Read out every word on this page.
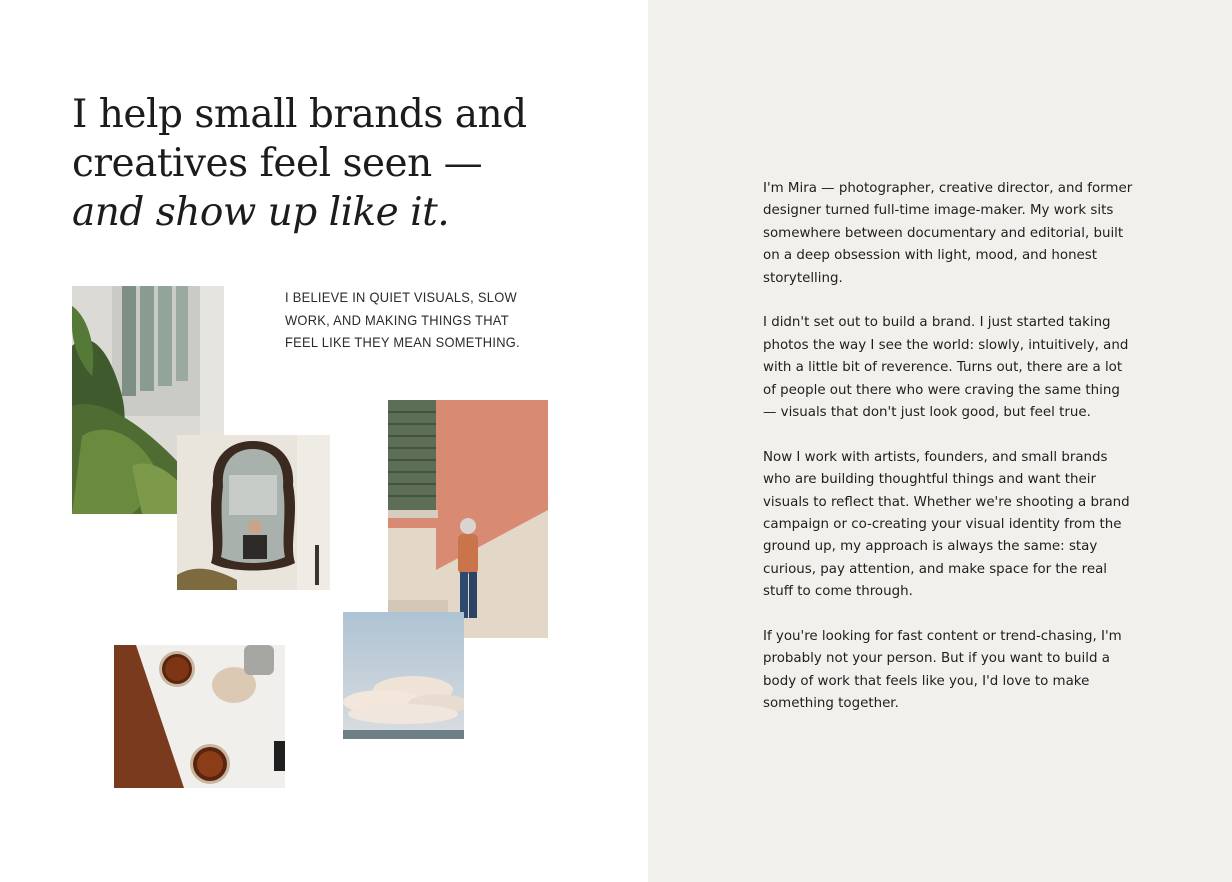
I help small brands and creatives feel seen — and show up like it.

I BELIEVE IN QUIET VISUALS, SLOW WORK, AND MAKING THINGS THAT FEEL LIKE THEY MEAN SOMETHING.

I'm Mira — photographer, creative director, and former designer turned full-time image-maker. My work sits somewhere between documentary and editorial, built on a deep obsession with light, mood, and honest storytelling.

I didn't set out to build a brand. I just started taking photos the way I see the world: slowly, intuitively, and with a little bit of reverence. Turns out, there are a lot of people out there who were craving the same thing — visuals that don't just look good, but feel true.

Now I work with artists, founders, and small brands who are building thoughtful things and want their visuals to reflect that. Whether we're shooting a brand campaign or co-creating your visual identity from the ground up, my approach is always the same: stay curious, pay attention, and make space for the real stuff to come through.

If you're looking for fast content or trend-chasing, I'm probably not your person. But if you want to build a body of work that feels like you, I'd love to make something together.
